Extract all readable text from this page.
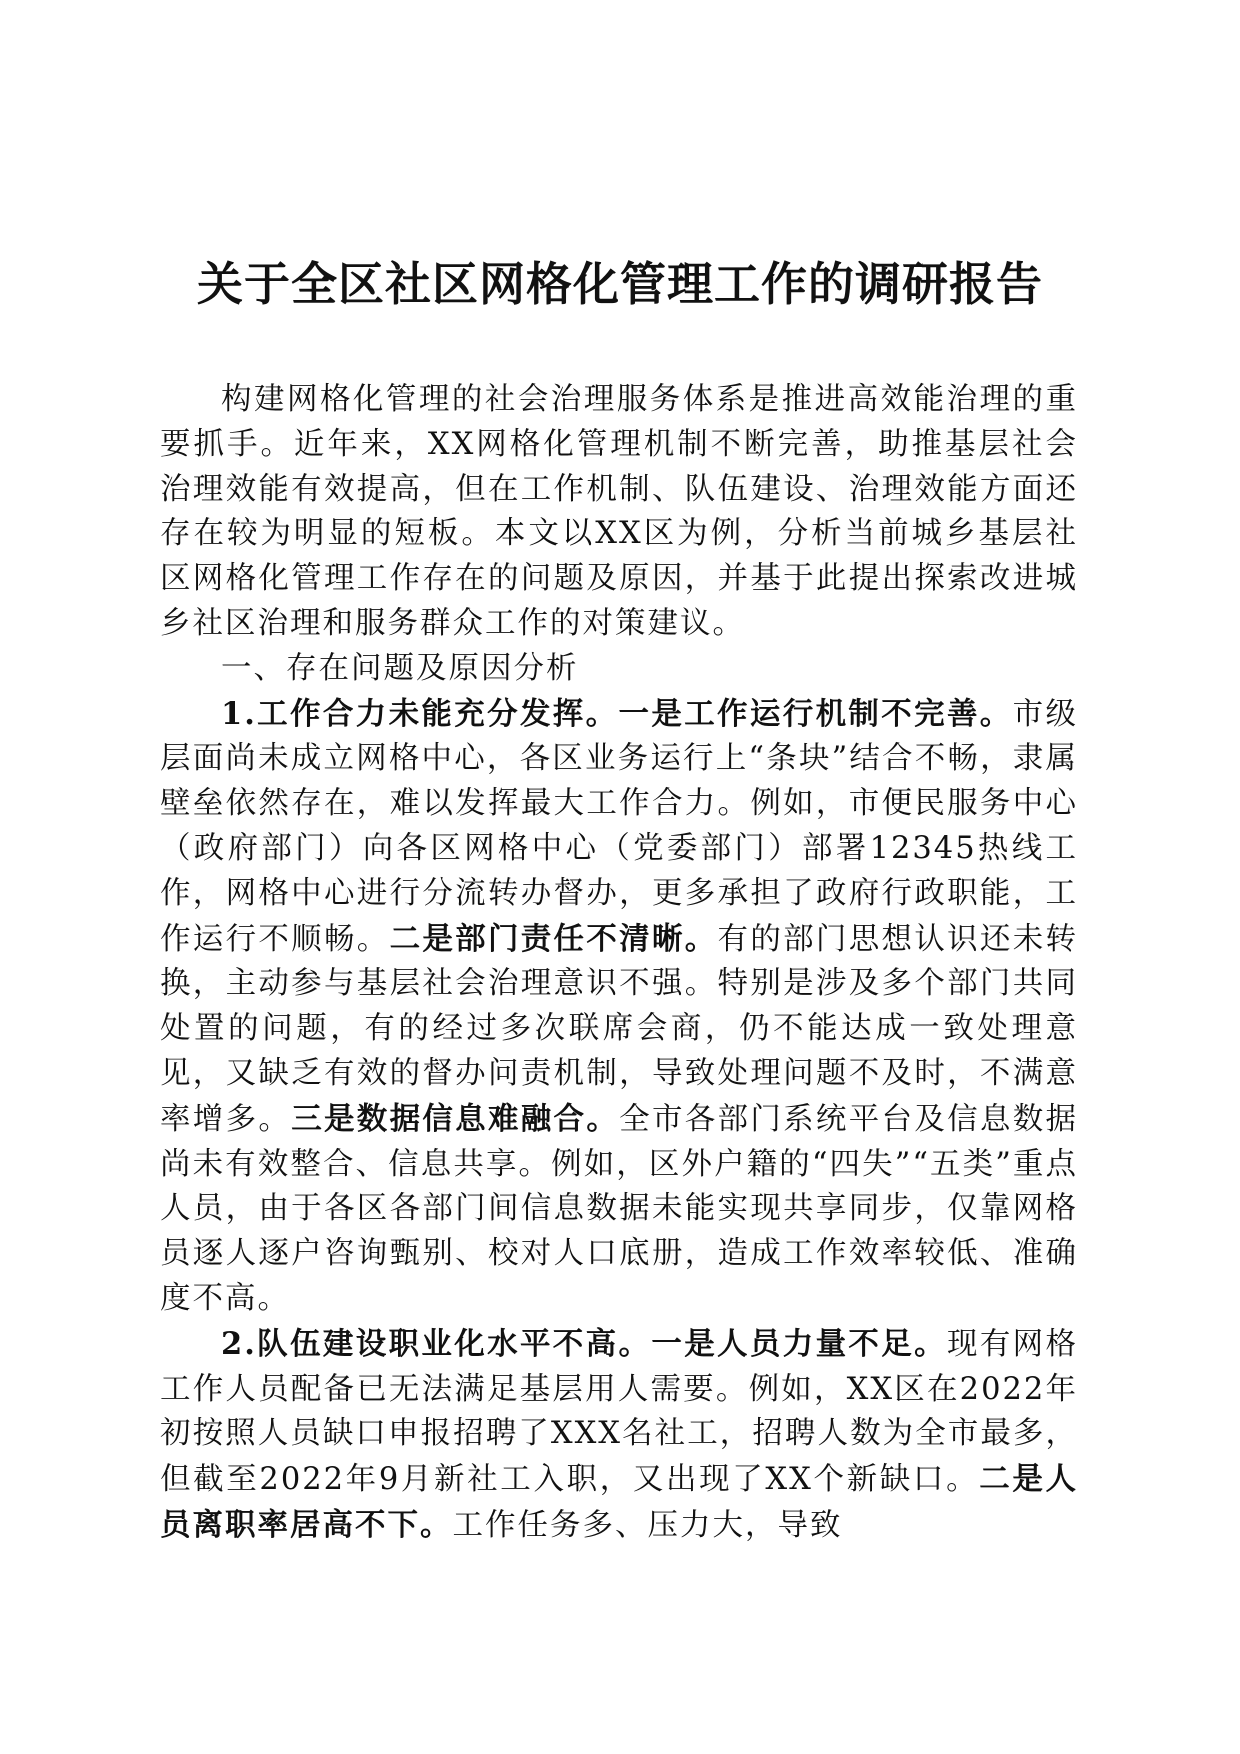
关于全区社区网格化管理工作的调研报告

构建网格化管理的社会治理服务体系是推进高效能治理的重要抓手。近年来，XX网格化管理机制不断完善，助推基层社会治理效能有效提高，但在工作机制、队伍建设、治理效能方面还存在较为明显的短板。本文以XX区为例，分析当前城乡基层社区网格化管理工作存在的问题及原因，并基于此提出探索改进城乡社区治理和服务群众工作的对策建议。

一、存在问题及原因分析

1.工作合力未能充分发挥。一是工作运行机制不完善。市级层面尚未成立网格中心，各区业务运行上“条块”结合不畅，隶属壁垒依然存在，难以发挥最大工作合力。例如，市便民服务中心（政府部门）向各区网格中心（党委部门）部署12345热线工作，网格中心进行分流转办督办，更多承担了政府行政职能，工作运行不顺畅。二是部门责任不清晰。有的部门思想认识还未转换，主动参与基层社会治理意识不强。特别是涉及多个部门共同处置的问题，有的经过多次联席会商，仍不能达成一致处理意见，又缺乏有效的督办问责机制，导致处理问题不及时，不满意率增多。三是数据信息难融合。全市各部门系统平台及信息数据尚未有效整合、信息共享。例如，区外户籍的“四失”“五类”重点人员，由于各区各部门间信息数据未能实现共享同步，仅靠网格员逐人逐户咨询甄别、校对人口底册，造成工作效率较低、准确度不高。

2.队伍建设职业化水平不高。一是人员力量不足。现有网格工作人员配备已无法满足基层用人需要。例如，XX区在2022年初按照人员缺口申报招聘了XXX名社工，招聘人数为全市最多，但截至2022年9月新社工入职，又出现了XX个新缺口。二是人员离职率居高不下。工作任务多、压力大，导致
